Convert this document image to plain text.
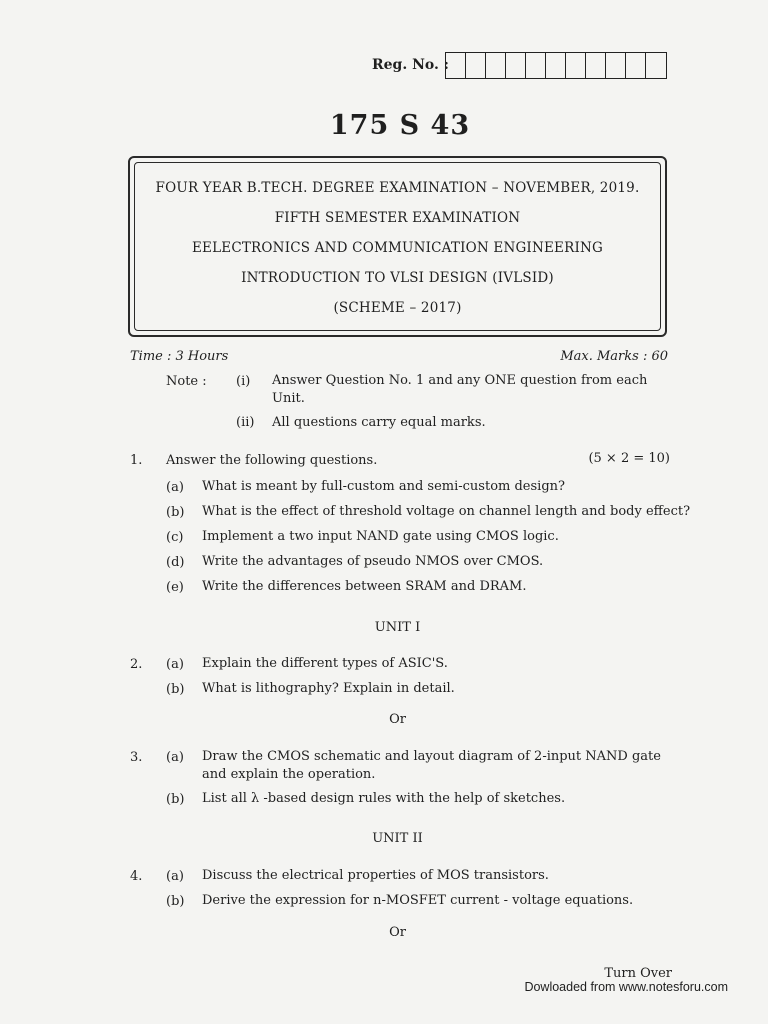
Reg. No. :
175 S 43
FOUR YEAR B.TECH. DEGREE EXAMINATION – NOVEMBER, 2019.
FIFTH SEMESTER EXAMINATION
EELECTRONICS AND COMMUNICATION ENGINEERING
INTRODUCTION TO VLSI DESIGN (IVLSID)
(SCHEME – 2017)
Time : 3 Hours	Max. Marks : 60
Note : (i) Answer Question No. 1 and any ONE question from each
Unit.
(ii) All questions carry equal marks.
1. Answer the following questions.	(5 × 2 = 10)
(a) What is meant by full-custom and semi-custom design?
(b) What is the effect of threshold voltage on channel length and body effect?
(c) Implement a two input NAND gate using CMOS logic.
(d) Write the advantages of pseudo NMOS over CMOS.
(e) Write the differences between SRAM and DRAM.
UNIT I
2. (a) Explain the different types of ASIC'S.
(b) What is lithography? Explain in detail.
Or
3. (a) Draw the CMOS schematic and layout diagram of 2-input NAND gate
and explain the operation.
(b) List all λ -based design rules with the help of sketches.
UNIT II
4. (a) Discuss the electrical properties of MOS transistors.
(b) Derive the expression for n-MOSFET current - voltage equations.
Or
Turn Over
Dowloaded from www.notesforu.com
